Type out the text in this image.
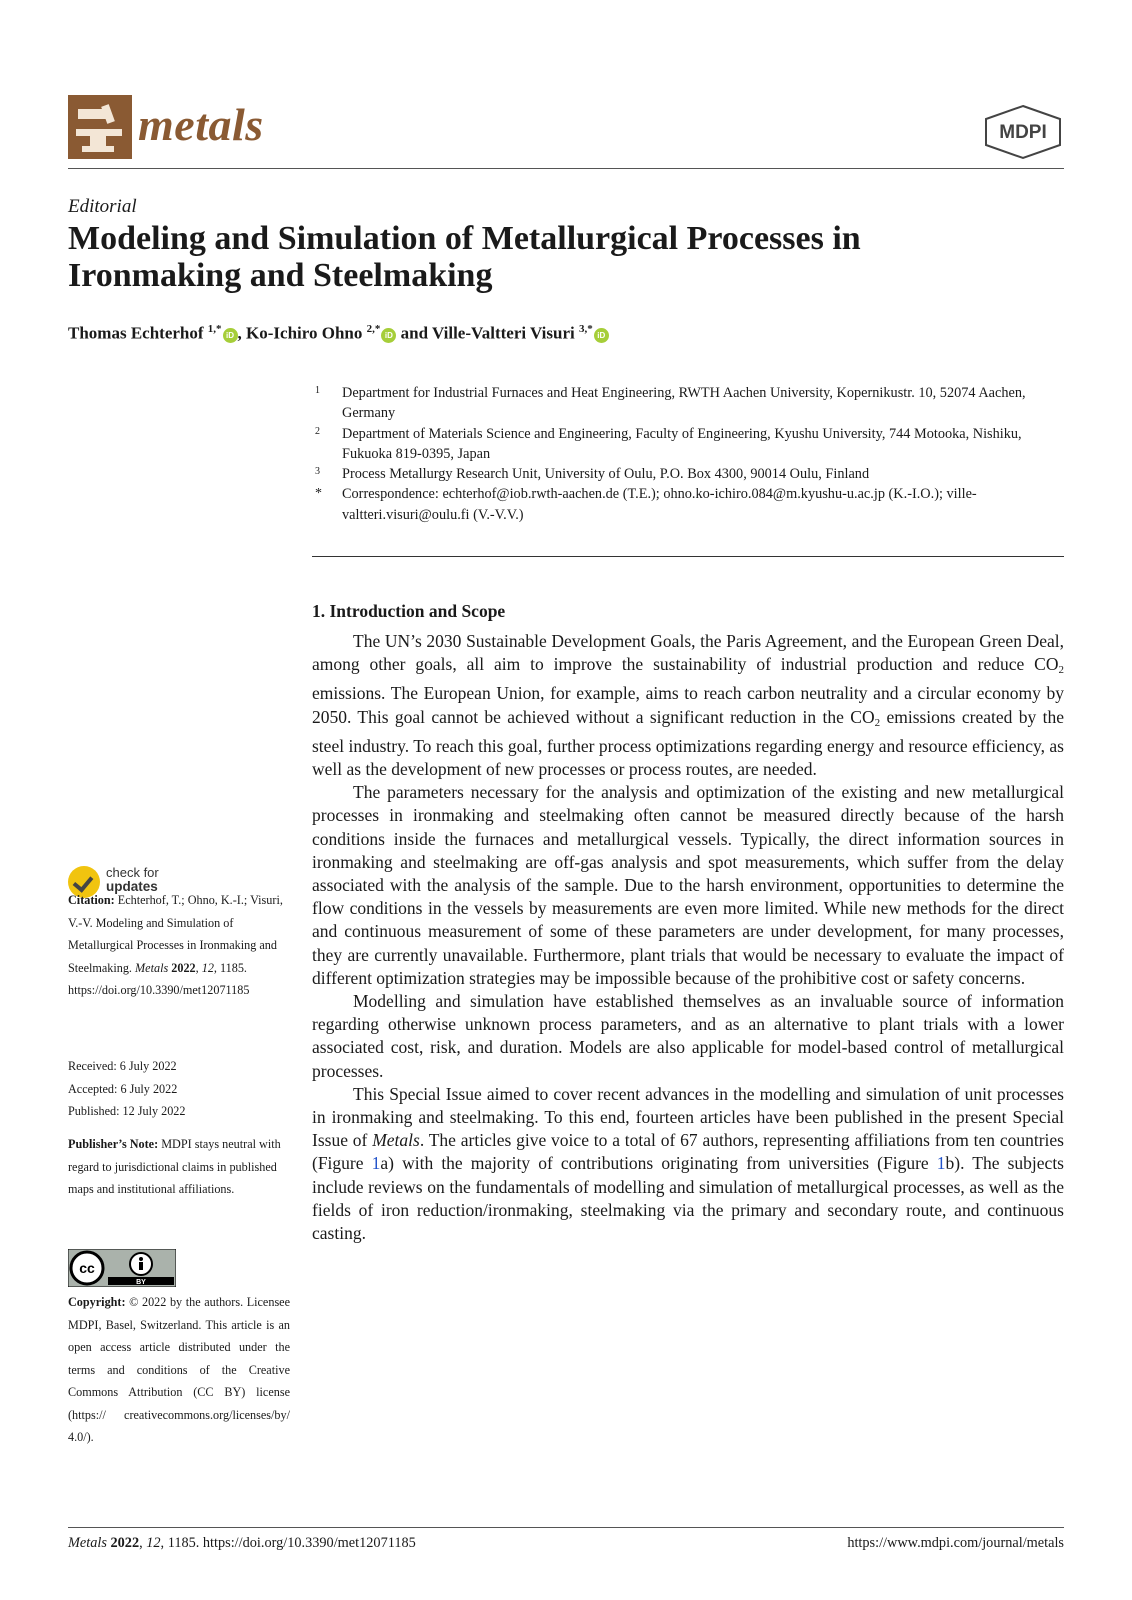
metals	MDPI
Editorial
Modeling and Simulation of Metallurgical Processes in Ironmaking and Steelmaking
Thomas Echterhof $^{1,*}$iD , Ko-Ichiro Ohno $^{2,*}$iD and Ville-Valtteri Visuri $^{3,*}$iD
1 Department for Industrial Furnaces and Heat Engineering, RWTH Aachen University, Kopernikustr. 10, 52074 Aachen, Germany
2 Department of Materials Science and Engineering, Faculty of Engineering, Kyushu University, 744 Motooka, Nishiku, Fukuoka 819-0395, Japan
3 Process Metallurgy Research Unit, University of Oulu, P.O. Box 4300, 90014 Oulu, Finland
* Correspondence: echterhof@iob.rwth-aachen.de (T.E.); ohno.ko-ichiro.084@m.kyushu-u.ac.jp (K.-I.O.); ville-valtteri.visuri@oulu.fi (V.-V.V.)
1. Introduction and Scope

The UN’s 2030 Sustainable Development Goals, the Paris Agreement, and the European Green Deal, among other goals, all aim to improve the sustainability of industrial production and reduce $CO_2$ emissions. The European Union, for example, aims to reach carbon neutrality and a circular economy by 2050. This goal cannot be achieved without a significant reduction in the $CO_2$ emissions created by the steel industry. To reach this goal, further process optimizations regarding energy and resource efficiency, as well as the development of new processes or process routes, are needed.

The parameters necessary for the analysis and optimization of the existing and new metallurgical processes in ironmaking and steelmaking often cannot be measured directly because of the harsh conditions inside the furnaces and metallurgical vessels. Typically, the direct information sources in ironmaking and steelmaking are off-gas analysis and spot measurements, which suffer from the delay associated with the analysis of the sample. Due to the harsh environment, opportunities to determine the flow conditions in the vessels by measurements are even more limited. While new methods for the direct and continuous measurement of some of these parameters are under development, for many processes, they are currently unavailable. Furthermore, plant trials that would be necessary to evaluate the impact of different optimization strategies may be impossible because of the prohibitive cost or safety concerns.

Modelling and simulation have established themselves as an invaluable source of information regarding otherwise unknown process parameters, and as an alternative to plant trials with a lower associated cost, risk, and duration. Models are also applicable for model-based control of metallurgical processes.

This Special Issue aimed to cover recent advances in the modelling and simulation of unit processes in ironmaking and steelmaking. To this end, fourteen articles have been published in the present Special Issue of Metals. The articles give voice to a total of 67 authors, representing affiliations from ten countries (Figure 1a) with the majority of contributions originating from universities (Figure 1b). The subjects include reviews on the fundamentals of modelling and simulation of metallurgical processes, as well as the fields of iron reduction/ironmaking, steelmaking via the primary and secondary route, and continuous casting.

check for
updates
Citation: Echterhof, T.; Ohno, K.-I.; Visuri, V.-V. Modeling and Simulation of Metallurgical Processes in Ironmaking and Steelmaking. Metals 2022, 12, 1185. https://doi.org/10.3390/met12071185
Received: 6 July 2022
Accepted: 6 July 2022
Published: 12 July 2022
Publisher’s Note: MDPI stays neutral with regard to jurisdictional claims in published maps and institutional affiliations.
cc
BY
Copyright: © 2022 by the authors. Licensee MDPI, Basel, Switzerland. This article is an open access article distributed under the terms and conditions of the Creative Commons Attribution (CC BY) license (https:// creativecommons.org/licenses/by/ 4.0/).
Metals 2022, 12, 1185. https://doi.org/10.3390/met12071185	https://www.mdpi.com/journal/metals
